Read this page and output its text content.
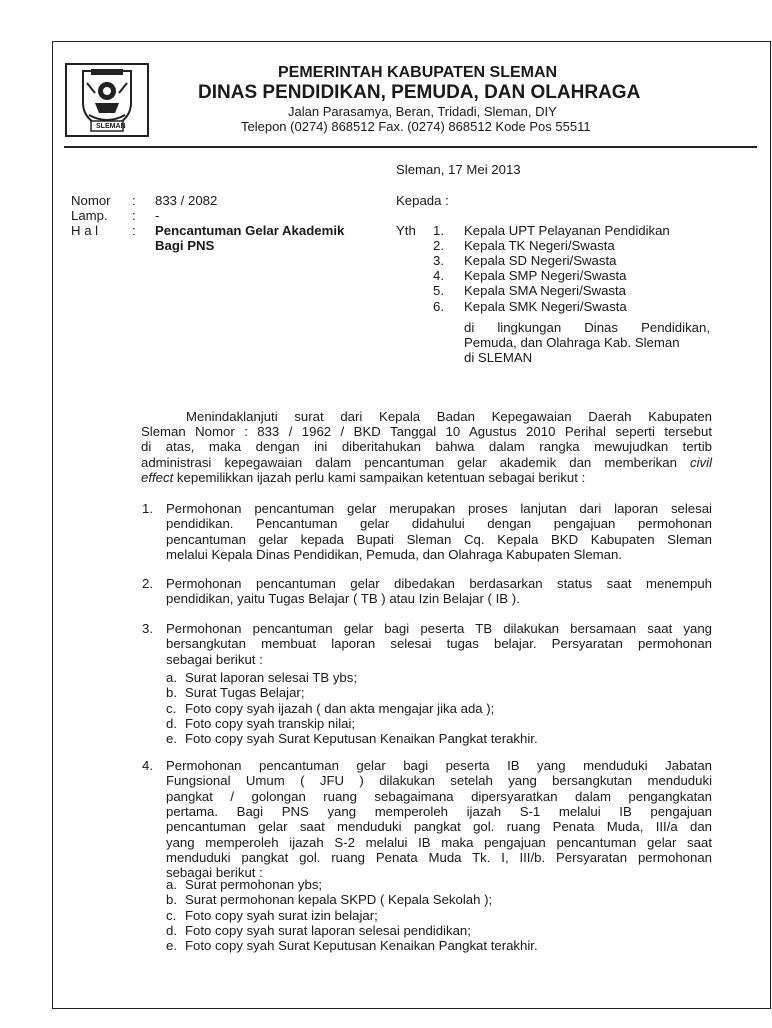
SLEMAN
PEMERINTAH KABUPATEN SLEMAN
DINAS PENDIDIKAN, PEMUDA, DAN OLAHRAGA
Jalan Parasamya, Beran, Tridadi, Sleman, DIY
Telepon (0274) 868512 Fax. (0274) 868512 Kode Pos 55511
Sleman, 17 Mei 2013
Nomor : 833 / 2082
Lamp. : -
H a l	: Pencantuman Gelar Akademik
Bagi PNS
Kepada :
Yth 1. Kepala UPT Pelayanan Pendidikan
2. Kepala TK Negeri/Swasta
3. Kepala SD Negeri/Swasta
4. Kepala SMP Negeri/Swasta
5. Kepala SMA Negeri/Swasta
6. Kepala SMK Negeri/Swasta
di lingkungan Dinas Pendidikan,
Pemuda, dan Olahraga Kab. Sleman
di SLEMAN
Menindaklanjuti surat dari Kepala Badan Kepegawaian Daerah Kabupaten
Sleman Nomor : 833 / 1962 / BKD Tanggal 10 Agustus 2010 Perihal seperti tersebut
di atas, maka dengan ini diberitahukan bahwa dalam rangka mewujudkan tertib
administrasi kepegawaian dalam pencantuman gelar akademik dan memberikan civil
effect kepemilikkan ijazah perlu kami sampaikan ketentuan sebagai berikut :
1. Permohonan pencantuman gelar merupakan proses lanjutan dari laporan selesai
pendidikan. Pencantuman gelar didahului dengan pengajuan permohonan
pencantuman gelar kepada Bupati Sleman Cq. Kepala BKD Kabupaten Sleman
melalui Kepala Dinas Pendidikan, Pemuda, dan Olahraga Kabupaten Sleman.
2. Permohonan pencantuman gelar dibedakan berdasarkan status saat menempuh
pendidikan, yaitu Tugas Belajar ( TB ) atau Izin Belajar ( IB ).
3. Permohonan pencantuman gelar bagi peserta TB dilakukan bersamaan saat yang
bersangkutan membuat laporan selesai tugas belajar. Persyaratan permohonan
sebagai berikut :
a. Surat laporan selesai TB ybs;
b. Surat Tugas Belajar;
c. Foto copy syah ijazah ( dan akta mengajar jika ada );
d. Foto copy syah transkip nilai;
e. Foto copy syah Surat Keputusan Kenaikan Pangkat terakhir.
4. Permohonan pencantuman gelar bagi peserta IB yang menduduki Jabatan
Fungsional Umum ( JFU ) dilakukan setelah yang bersangkutan menduduki
pangkat / golongan ruang sebagaimana dipersyaratkan dalam pengangkatan
pertama. Bagi PNS yang memperoleh ijazah S-1 melalui IB pengajuan
pencantuman gelar saat menduduki pangkat gol. ruang Penata Muda, III/a dan
yang memperoleh ijazah S-2 melalui IB maka pengajuan pencantuman gelar saat
menduduki pangkat gol. ruang Penata Muda Tk. I, III/b. Persyaratan permohonan
sebagai berikut :
a. Surat permohonan ybs;
b. Surat permohonan kepala SKPD ( Kepala Sekolah );
c. Foto copy syah surat izin belajar;
d. Foto copy syah surat laporan selesai pendidikan;
e. Foto copy syah Surat Keputusan Kenaikan Pangkat terakhir.
